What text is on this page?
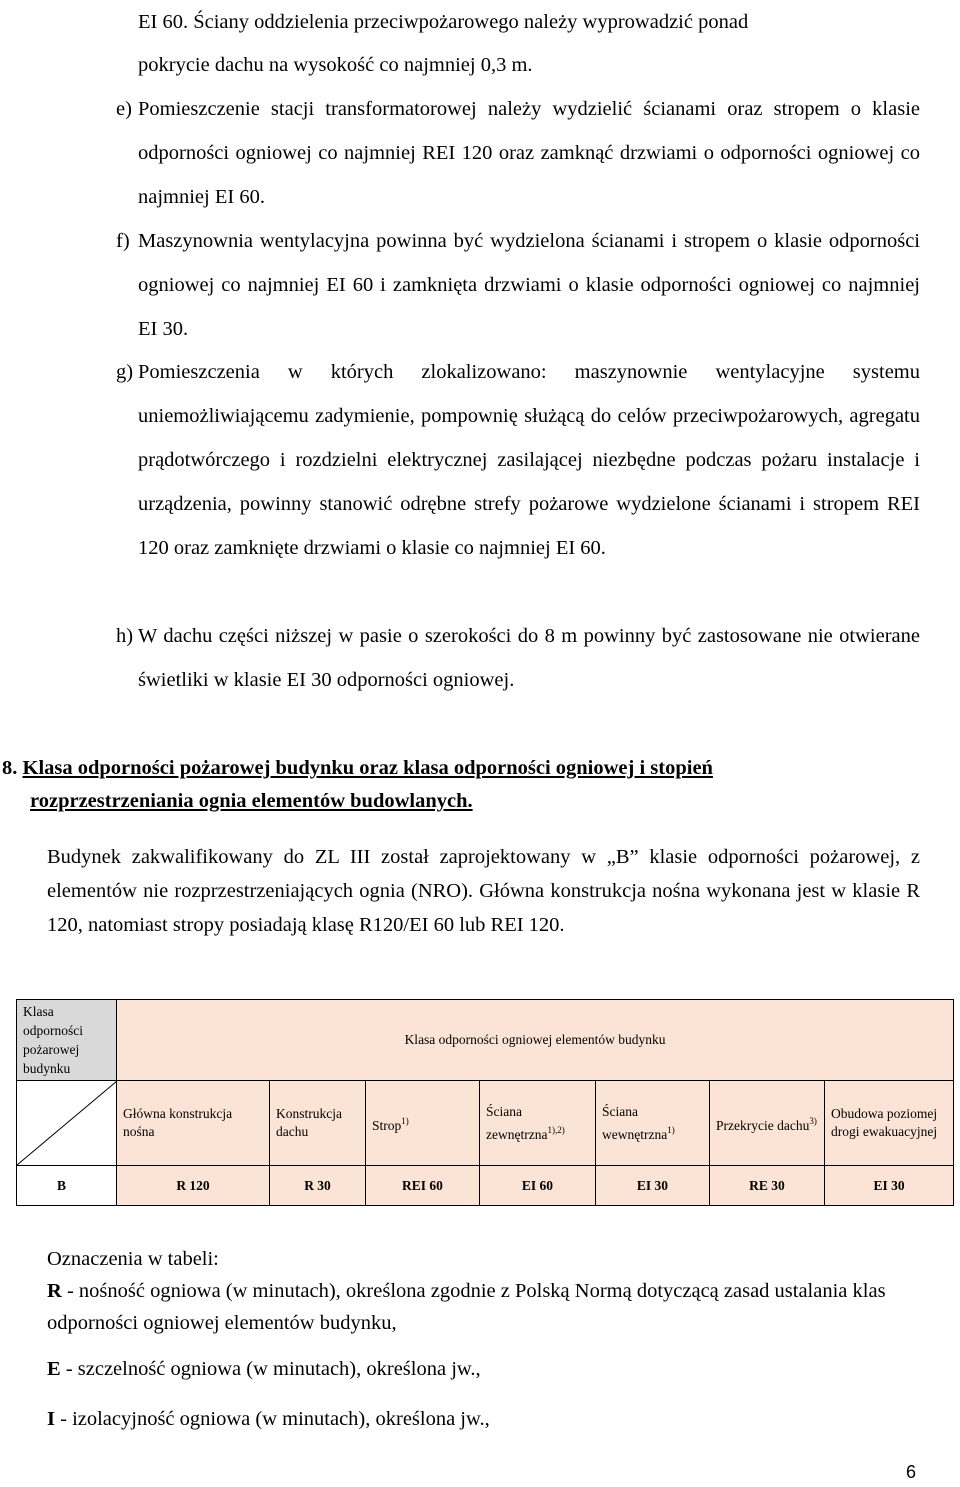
EI 60. Ściany oddzielenia przeciwpożarowego należy wyprowadzić ponad
pokrycie dachu na wysokość co najmniej 0,3 m.
e) Pomieszczenie stacji transformatorowej należy wydzielić ścianami oraz stropem o klasie odporności ogniowej co najmniej REI 120 oraz zamknąć drzwiami o odporności ogniowej co najmniej EI 60.

f) Maszynownia wentylacyjna powinna być wydzielona ścianami i stropem o klasie odporności ogniowej co najmniej EI 60 i zamknięta drzwiami o klasie odporności ogniowej co najmniej EI 30.

g) Pomieszczenia w których zlokalizowano: maszynownie wentylacyjne systemu uniemożliwiającemu zadymienie, pompownię służącą do celów przeciwpożarowych, agregatu prądotwórczego i rozdzielni elektrycznej zasilającej niezbędne podczas pożaru instalacje i urządzenia, powinny stanowić odrębne strefy pożarowe wydzielone ścianami i stropem REI 120 oraz zamknięte drzwiami o klasie co najmniej EI 60.

h) W dachu części niższej w pasie o szerokości do 8 m powinny być zastosowane nie otwierane świetliki w klasie EI 30 odporności ogniowej.

8. Klasa odporności pożarowej budynku oraz klasa odporności ogniowej i stopień
rozprzestrzeniania ognia elementów budowlanych.

Budynek zakwalifikowany do ZL III został zaprojektowany w „B” klasie odporności pożarowej, z elementów nie rozprzestrzeniających ognia (NRO). Główna konstrukcja nośna wykonana jest w klasie R 120, natomiast stropy posiadają klasę R120/EI 60 lub REI 120.

Klasa odporności pożarowej budynku	Klasa odporności ogniowej elementów budynku						

	Główna konstrukcja nośna	Konstrukcja dachu	Strop$^{1)}$	Ściana zewnętrzna$^{1),2)}$	Ściana wewnętrzna$^{1)}$	Przekrycie dachu$^{3)}$	Obudowa poziomej drogi ewakuacyjnej
B	R 120	R 30	REI 60	EI 60	EI 30	RE 30	EI 30
Oznaczenia w tabeli:
R - nośność ogniowa (w minutach), określona zgodnie z Polską Normą dotyczącą zasad ustalania klas odporności ogniowej elementów budynku,
E - szczelność ogniowa (w minutach), określona jw.,
I - izolacyjność ogniowa (w minutach), określona jw.,
6
